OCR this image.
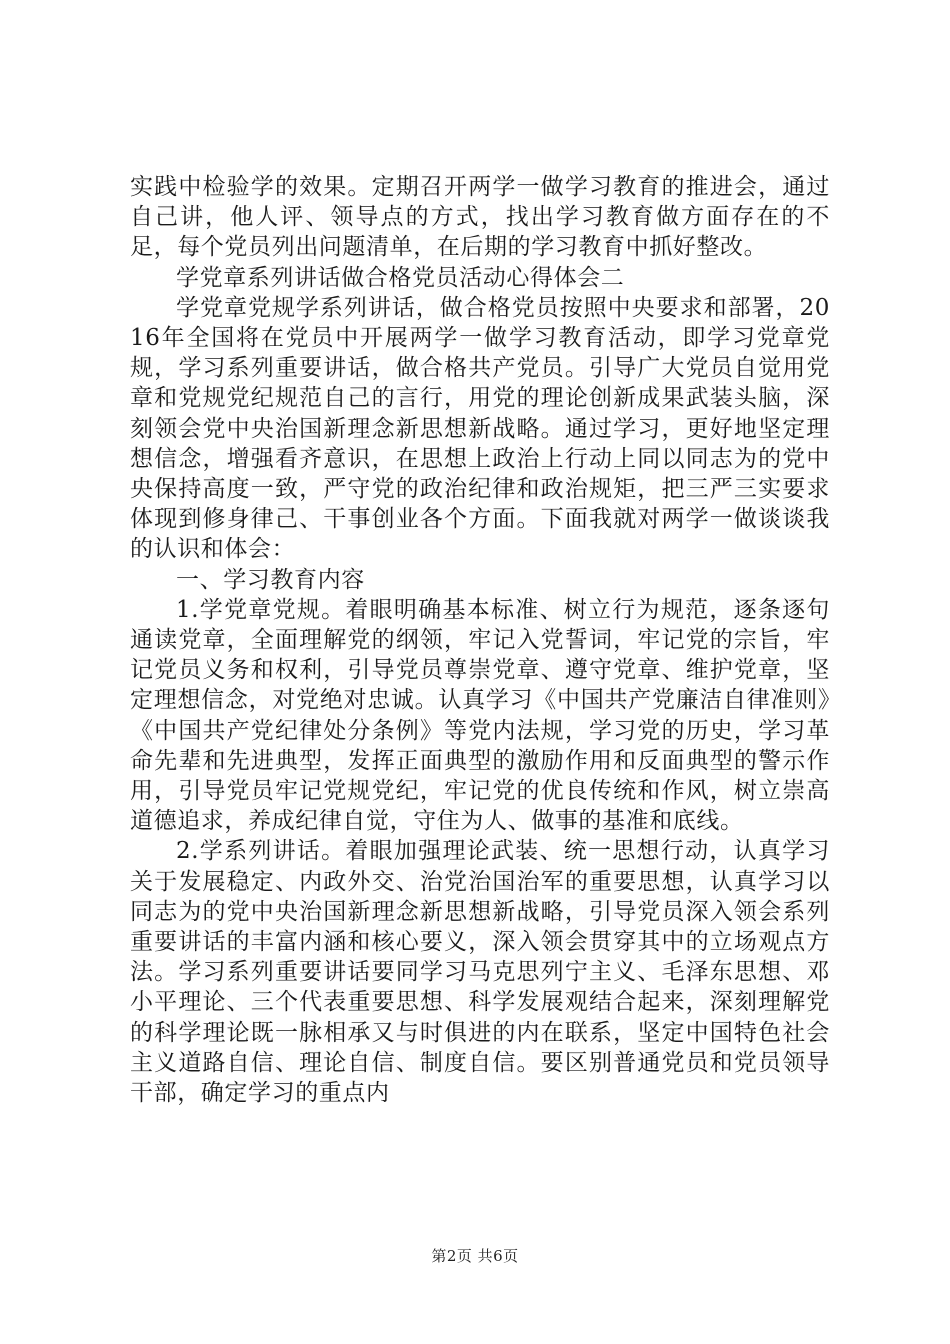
实践中检验学的效果。定期召开两学一做学习教育的推进会，通过自己讲，他人评、领导点的方式，找出学习教育做方面存在的不足，每个党员列出问题清单，在后期的学习教育中抓好整改。

学党章系列讲话做合格党员活动心得体会二

学党章党规学系列讲话，做合格党员按照中央要求和部署，2016年全国将在党员中开展两学一做学习教育活动，即学习党章党规，学习系列重要讲话，做合格共产党员。引导广大党员自觉用党章和党规党纪规范自己的言行，用党的理论创新成果武装头脑，深刻领会党中央治国新理念新思想新战略。通过学习，更好地坚定理想信念，增强看齐意识，在思想上政治上行动上同以同志为的党中央保持高度一致，严守党的政治纪律和政治规矩，把三严三实要求体现到修身律己、干事创业各个方面。下面我就对两学一做谈谈我的认识和体会：

一、学习教育内容

1.学党章党规。着眼明确基本标准、树立行为规范，逐条逐句通读党章，全面理解党的纲领，牢记入党誓词，牢记党的宗旨，牢记党员义务和权利，引导党员尊崇党章、遵守党章、维护党章，坚定理想信念，对党绝对忠诚。认真学习《中国共产党廉洁自律准则》《中国共产党纪律处分条例》等党内法规，学习党的历史，学习革命先辈和先进典型，发挥正面典型的激励作用和反面典型的警示作用，引导党员牢记党规党纪，牢记党的优良传统和作风，树立崇高道德追求，养成纪律自觉，守住为人、做事的基准和底线。

2.学系列讲话。着眼加强理论武装、统一思想行动，认真学习关于发展稳定、内政外交、治党治国治军的重要思想，认真学习以同志为的党中央治国新理念新思想新战略，引导党员深入领会系列重要讲话的丰富内涵和核心要义，深入领会贯穿其中的立场观点方法。学习系列重要讲话要同学习马克思列宁主义、毛泽东思想、邓小平理论、三个代表重要思想、科学发展观结合起来，深刻理解党的科学理论既一脉相承又与时俱进的内在联系，坚定中国特色社会主义道路自信、理论自信、制度自信。要区别普通党员和党员领导干部，确定学习的重点内

第2页 共6页
